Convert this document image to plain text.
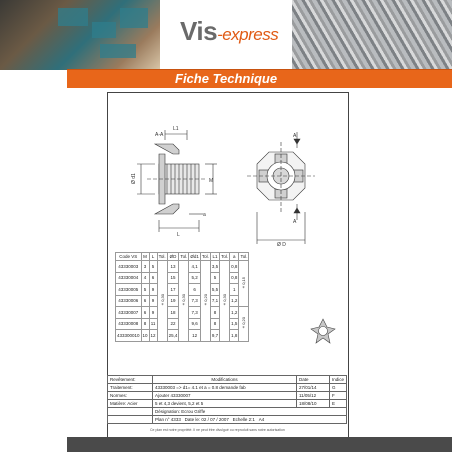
Vis-express
Fiche Technique
A-A
L1
Ø d1	M
a
L
A
A
Ø D
Code VS	M	L	Tol.	ØD	Tol.	Ød1	Tol.	L1	Tol.	a	Tol.
43330003	3	5	±0,30	13	±0,30	4,1	±0,20	3,5	±0,30	0,8	±0,15
43330004	4	6		15		5,2		5		0,8	
43330005	5	9		17		6		5,5		1	
43330006	6	9		19		7,3		7,1		1,2	
43330007	6	9		18		7,3		8		1,2	±0,20
43330008	8	11		22		9,6		8		1,5	
433300010	10	12		25,4		12		9,7		1,8	
Revêtement:	Modifications	Date	Indice
Traitement:	43330003 => d1= 4.1 et a = 0.8 demande fab	27/01/14	G
Normes:	Ajouter 43330007	11/05/12	F
Matière: Acier	5 et 4,3 devient, 5,2 et 5	18/08/10	E
	Désignation: Ecrou Griffe		
	Plan n° 4333 Date le: 02 / 07 / 2007 Echelle 2:1 A4		
Ce plan est notre propriété. Il ne peut être divulgué ou reproduit sans notre autorisation
